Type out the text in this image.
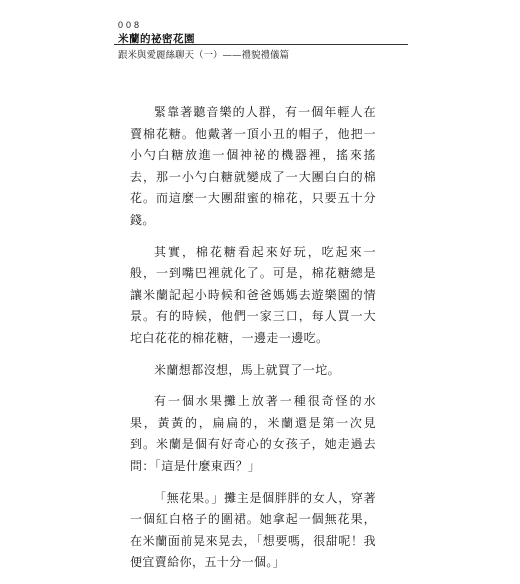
008
米蘭的祕密花園
跟米與愛麗絲聊天（一）——禮貌禮儀篇

緊靠著聽音樂的人群，有一個年輕人在賣棉花糖。他戴著一頂小丑的帽子，他把一小勺白糖放進一個神祕的機器裡，搖來搖去，那一小勺白糖就變成了一大團白白的棉花。而這麼一大團甜蜜的棉花，只要五十分錢。

其實，棉花糖看起來好玩，吃起來一般，一到嘴巴裡就化了。可是，棉花糖總是讓米蘭記起小時候和爸爸媽媽去遊樂園的情景。有的時候，他們一家三口，每人買一大坨白花花的棉花糖，一邊走一邊吃。

米蘭想都沒想，馬上就買了一坨。

有一個水果攤上放著一種很奇怪的水果，黃黃的，扁扁的，米蘭還是第一次見到。米蘭是個有好奇心的女孩子，她走過去問：「這是什麼東西？」

「無花果。」攤主是個胖胖的女人，穿著一個紅白格子的圍裙。她拿起一個無花果，在米蘭面前晃來晃去，「想要嗎，很甜呢！我便宜賣給你，五十分一個。」
